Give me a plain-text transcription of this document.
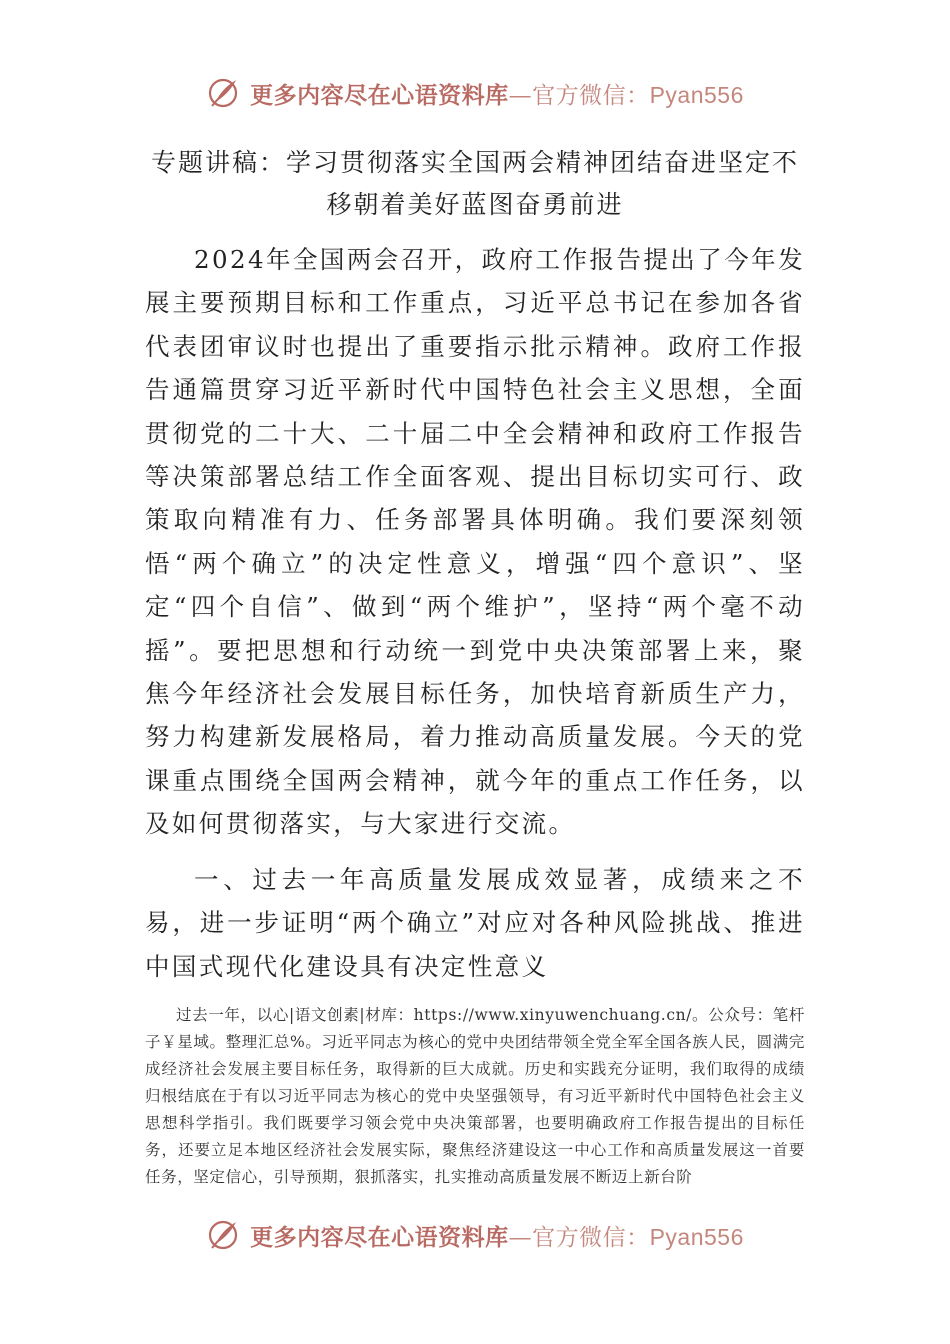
更多内容尽在心语资料库—官方微信：Pyan556
专题讲稿：学习贯彻落实全国两会精神团结奋进坚定不移朝着美好蓝图奋勇前进

2024年全国两会召开，政府工作报告提出了今年发展主要预期目标和工作重点，习近平总书记在参加各省代表团审议时也提出了重要指示批示精神。政府工作报告通篇贯穿习近平新时代中国特色社会主义思想，全面贯彻党的二十大、二十届二中全会精神和政府工作报告等决策部署总结工作全面客观、提出目标切实可行、政策取向精准有力、任务部署具体明确。我们要深刻领悟“两个确立”的决定性意义，增强“四个意识”、坚定“四个自信”、做到“两个维护”，坚持“两个毫不动摇”。要把思想和行动统一到党中央决策部署上来，聚焦今年经济社会发展目标任务，加快培育新质生产力，努力构建新发展格局，着力推动高质量发展。今天的党课重点围绕全国两会精神，就今年的重点工作任务，以及如何贯彻落实，与大家进行交流。

一、过去一年高质量发展成效显著，成绩来之不易，进一步证明“两个确立”对应对各种风险挑战、推进中国式现代化建设具有决定性意义

过去一年，以心|语文创素|材库：https://www.xinyuwenchuang.cn/。公众号：笔杆子￥星域。整理汇总%。习近平同志为核心的党中央团结带领全党全军全国各族人民，圆满完成经济社会发展主要目标任务，取得新的巨大成就。历史和实践充分证明，我们取得的成绩归根结底在于有以习近平同志为核心的党中央坚强领导，有习近平新时代中国特色社会主义思想科学指引。我们既要学习领会党中央决策部署，也要明确政府工作报告提出的目标任务，还要立足本地区经济社会发展实际，聚焦经济建设这一中心工作和高质量发展这一首要任务，坚定信心，引导预期，狠抓落实，扎实推动高质量发展不断迈上新台阶

更多内容尽在心语资料库—官方微信：Pyan556
